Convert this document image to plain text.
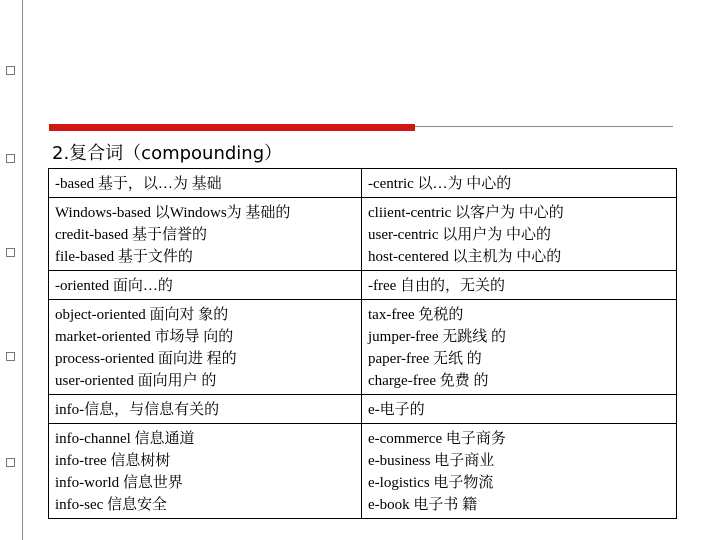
2.复合词（compounding）
-based 基于，以…为 基础	-centric 以…为 中心的

Windows-based 以Windows为 基础的
credit-based 基于信誉的
file-based 基于文件的	cliient-centric 以客户为 中心的
user-centric 以用户为 中心的
host-centered 以主机为 中心的

-oriented 面向…的	-free 自由的，无关的

object-oriented 面向对 象的
market-oriented 市场导 向的
process-oriented 面向进 程的
user-oriented 面向用户 的	tax-free 免税的
jumper-free 无跳线 的
paper-free 无纸 的
charge-free 免费 的

info-信息，与信息有关的	e-电子的

info-channel 信息通道
info-tree 信息树树
info-world 信息世界
info-sec 信息安全	e-commerce 电子商务
e-business 电子商业
e-logistics 电子物流
e-book 电子书 籍
